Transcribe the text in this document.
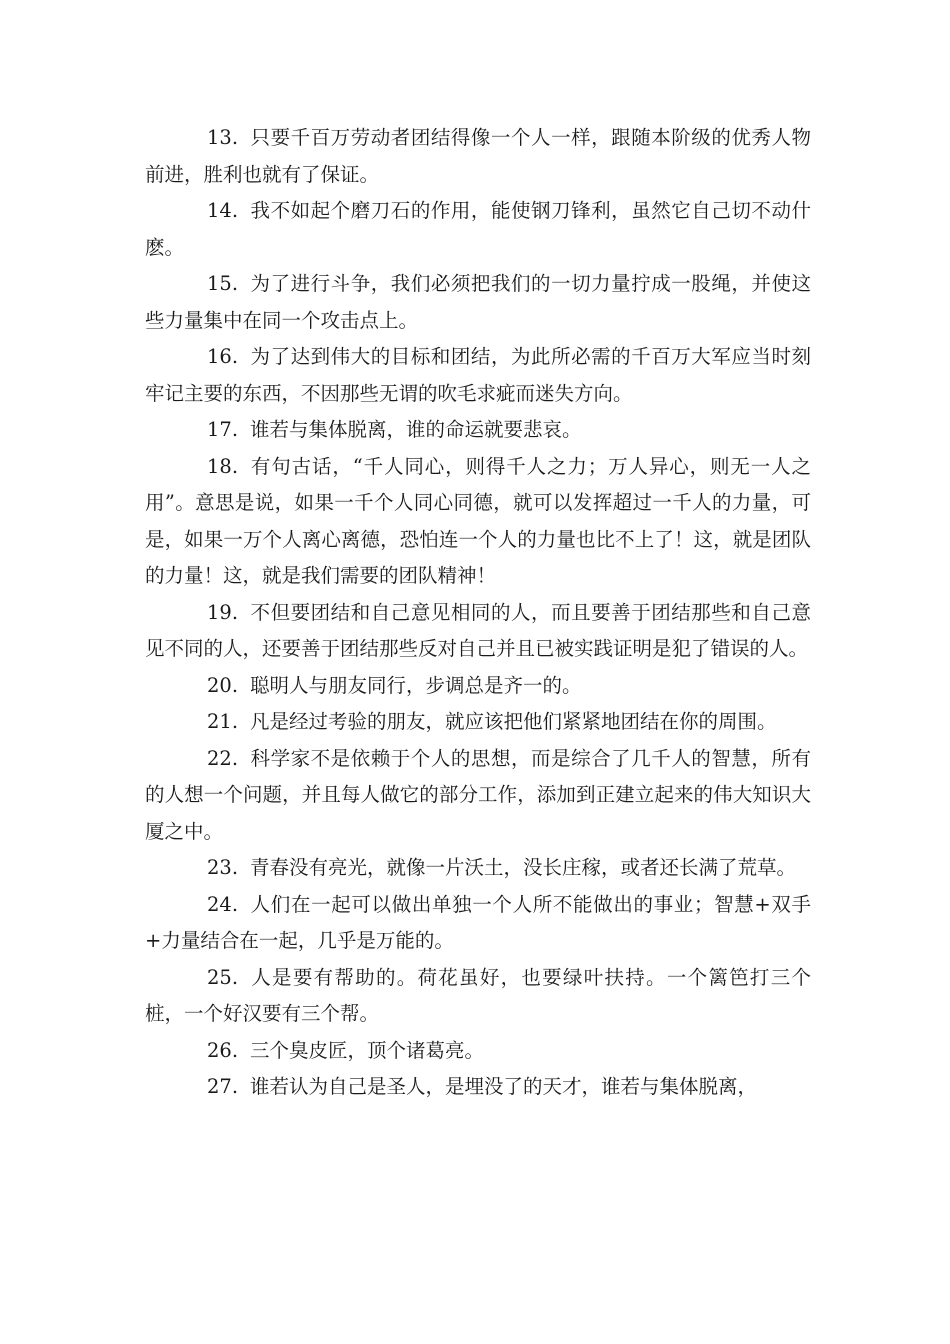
13. 只要千百万劳动者团结得像一个人一样，跟随本阶级的优秀人物前进，胜利也就有了保证。

14. 我不如起个磨刀石的作用，能使钢刀锋利，虽然它自己切不动什麽。

15. 为了进行斗争，我们必须把我们的一切力量拧成一股绳，并使这些力量集中在同一个攻击点上。

16. 为了达到伟大的目标和团结，为此所必需的千百万大军应当时刻牢记主要的东西，不因那些无谓的吹毛求疵而迷失方向。

17. 谁若与集体脱离，谁的命运就要悲哀。

18. 有句古话，“千人同心，则得千人之力；万人异心，则无一人之用”。意思是说，如果一千个人同心同德，就可以发挥超过一千人的力量，可是，如果一万个人离心离德，恐怕连一个人的力量也比不上了！这，就是团队的力量！这，就是我们需要的团队精神！

19. 不但要团结和自己意见相同的人，而且要善于团结那些和自己意见不同的人，还要善于团结那些反对自己并且已被实践证明是犯了错误的人。

20. 聪明人与朋友同行，步调总是齐一的。

21. 凡是经过考验的朋友，就应该把他们紧紧地团结在你的周围。

22. 科学家不是依赖于个人的思想，而是综合了几千人的智慧，所有的人想一个问题，并且每人做它的部分工作，添加到正建立起来的伟大知识大厦之中。

23. 青春没有亮光，就像一片沃土，没长庄稼，或者还长满了荒草。

24. 人们在一起可以做出单独一个人所不能做出的事业；智慧+双手+力量结合在一起，几乎是万能的。

25. 人是要有帮助的。荷花虽好，也要绿叶扶持。一个篱笆打三个桩，一个好汉要有三个帮。

26. 三个臭皮匠，顶个诸葛亮。

27. 谁若认为自己是圣人，是埋没了的天才，谁若与集体脱离，
